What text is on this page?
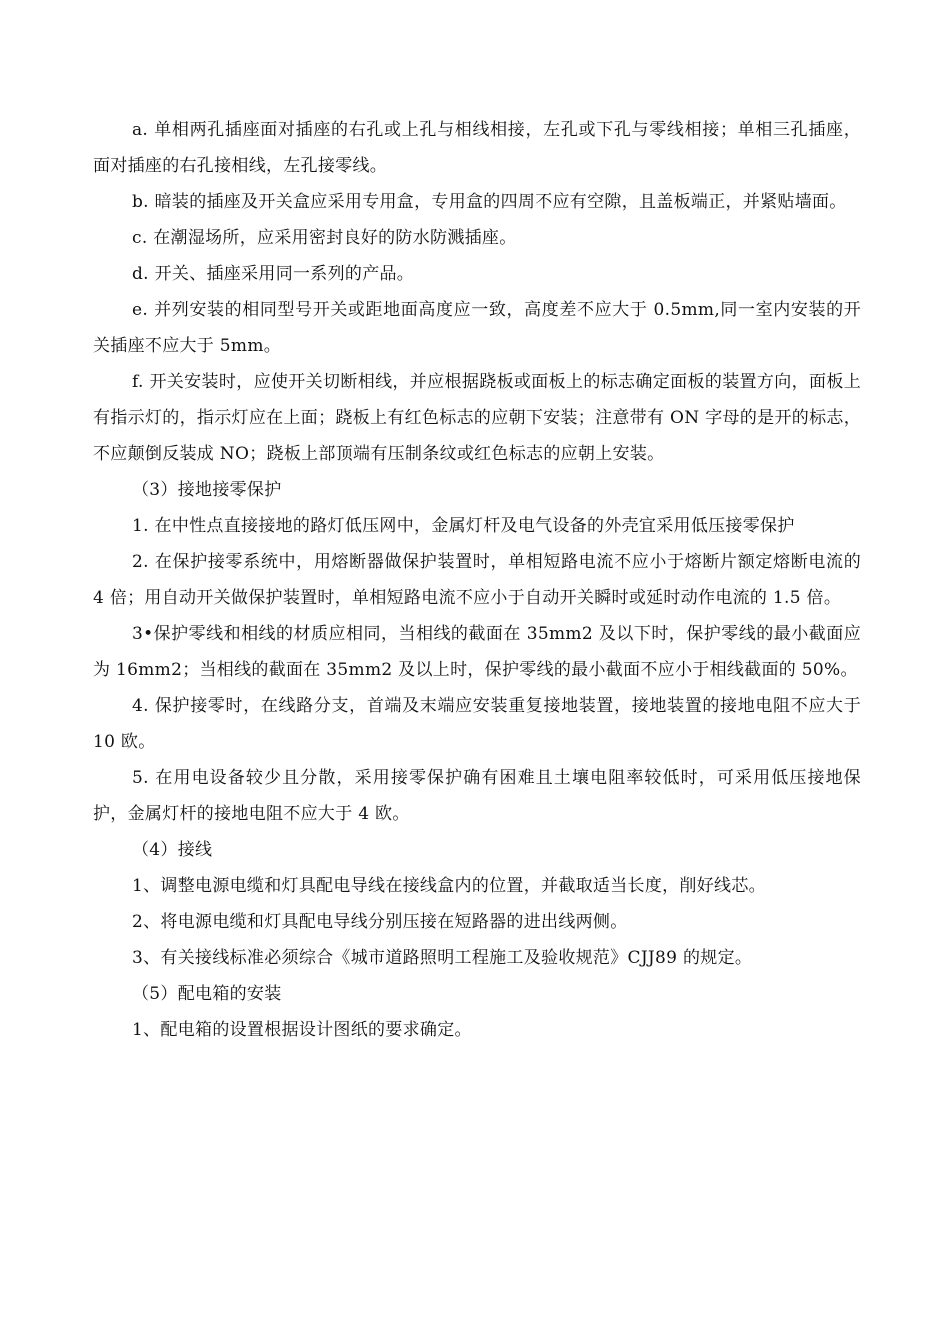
a. 单相两孔插座面对插座的右孔或上孔与相线相接，左孔或下孔与零线相接；单相三孔插座，面对插座的右孔接相线，左孔接零线。

b. 暗装的插座及开关盒应采用专用盒，专用盒的四周不应有空隙，且盖板端正，并紧贴墙面。

c. 在潮湿场所，应采用密封良好的防水防溅插座。

d. 开关、插座采用同一系列的产品。

e. 并列安装的相同型号开关或距地面高度应一致，高度差不应大于 0.5mm,同一室内安装的开关插座不应大于 5mm。

f. 开关安装时，应使开关切断相线，并应根据跷板或面板上的标志确定面板的装置方向，面板上有指示灯的，指示灯应在上面；跷板上有红色标志的应朝下安装；注意带有 ON 字母的是开的标志，不应颠倒反装成 NO；跷板上部顶端有压制条纹或红色标志的应朝上安装。

（3）接地接零保护

1. 在中性点直接接地的路灯低压网中，金属灯杆及电气设备的外壳宜采用低压接零保护

2. 在保护接零系统中，用熔断器做保护装置时，单相短路电流不应小于熔断片额定熔断电流的 4 倍；用自动开关做保护装置时，单相短路电流不应小于自动开关瞬时或延时动作电流的 1.5 倍。

3•保护零线和相线的材质应相同，当相线的截面在 35mm2 及以下时，保护零线的最小截面应为 16mm2；当相线的截面在 35mm2 及以上时，保护零线的最小截面不应小于相线截面的 50%。

4. 保护接零时，在线路分支，首端及末端应安装重复接地装置，接地装置的接地电阻不应大于 10 欧。

5. 在用电设备较少且分散，采用接零保护确有困难且土壤电阻率较低时，可采用低压接地保护，金属灯杆的接地电阻不应大于 4 欧。

（4）接线

1、调整电源电缆和灯具配电导线在接线盒内的位置，并截取适当长度，削好线芯。

2、将电源电缆和灯具配电导线分别压接在短路器的进出线两侧。

3、有关接线标准必须综合《城市道路照明工程施工及验收规范》CJJ89 的规定。

（5）配电箱的安装

1、配电箱的设置根据设计图纸的要求确定。
